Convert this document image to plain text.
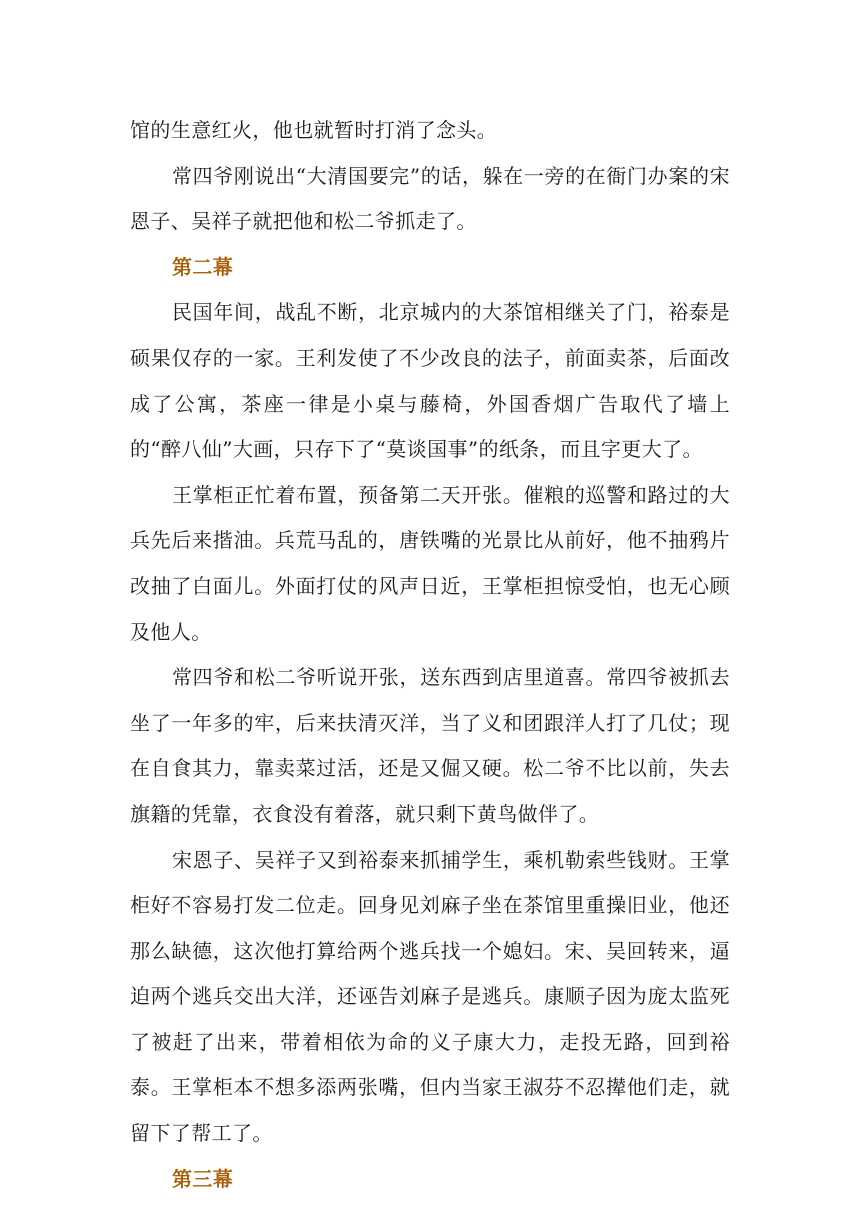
馆的生意红火，他也就暂时打消了念头。

常四爷刚说出“大清国要完”的话，躲在一旁的在衙门办案的宋恩子、吴祥子就把他和松二爷抓走了。

第二幕

民国年间，战乱不断，北京城内的大茶馆相继关了门，裕泰是硕果仅存的一家。王利发使了不少改良的法子，前面卖茶，后面改成了公寓，茶座一律是小桌与藤椅，外国香烟广告取代了墙上的“醉八仙”大画，只存下了“莫谈国事”的纸条，而且字更大了。

王掌柜正忙着布置，预备第二天开张。催粮的巡警和路过的大兵先后来揩油。兵荒马乱的，唐铁嘴的光景比从前好，他不抽鸦片改抽了白面儿。外面打仗的风声日近，王掌柜担惊受怕，也无心顾及他人。

常四爷和松二爷听说开张，送东西到店里道喜。常四爷被抓去坐了一年多的牢，后来扶清灭洋，当了义和团跟洋人打了几仗；现在自食其力，靠卖菜过活，还是又倔又硬。松二爷不比以前，失去旗籍的凭靠，衣食没有着落，就只剩下黄鸟做伴了。

宋恩子、吴祥子又到裕泰来抓捕学生，乘机勒索些钱财。王掌柜好不容易打发二位走。回身见刘麻子坐在茶馆里重操旧业，他还那么缺德，这次他打算给两个逃兵找一个媳妇。宋、吴回转来，逼迫两个逃兵交出大洋，还诬告刘麻子是逃兵。康顺子因为庞太监死了被赶了出来，带着相依为命的义子康大力，走投无路，回到裕泰。王掌柜本不想多添两张嘴，但内当家王淑芬不忍撵他们走，就留下了帮工了。

第三幕
